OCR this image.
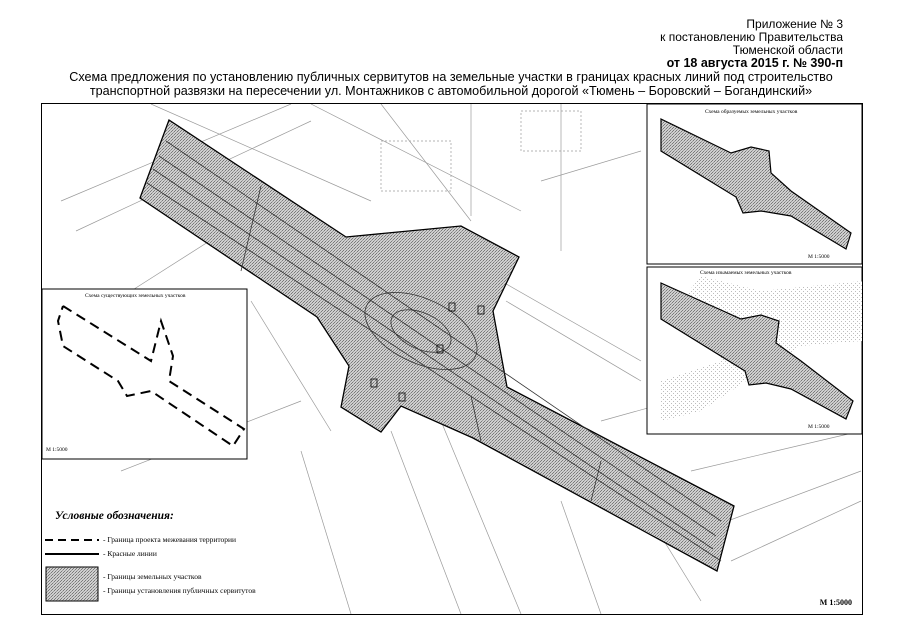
Приложение № 3
к постановлению Правительства
Тюменской области
от 18 августа 2015 г. № 390-п
Схема предложения по установлению публичных сервитутов на земельные участки в границах красных линий под строительство
транспортной развязки на пересечении ул. Монтажников с автомобильной дорогой «Тюмень – Боровский – Богандинский»
Схема существующих земельных участков
М 1:5000
Схема образуемых земельных участков
М 1:5000
Схема изымаемых земельных участков
М 1:5000
Условные обозначения:
- Граница проекта межевания территории
- Красные линии
- Границы земельных участков
- Границы установления публичных сервитутов
М 1:5000
